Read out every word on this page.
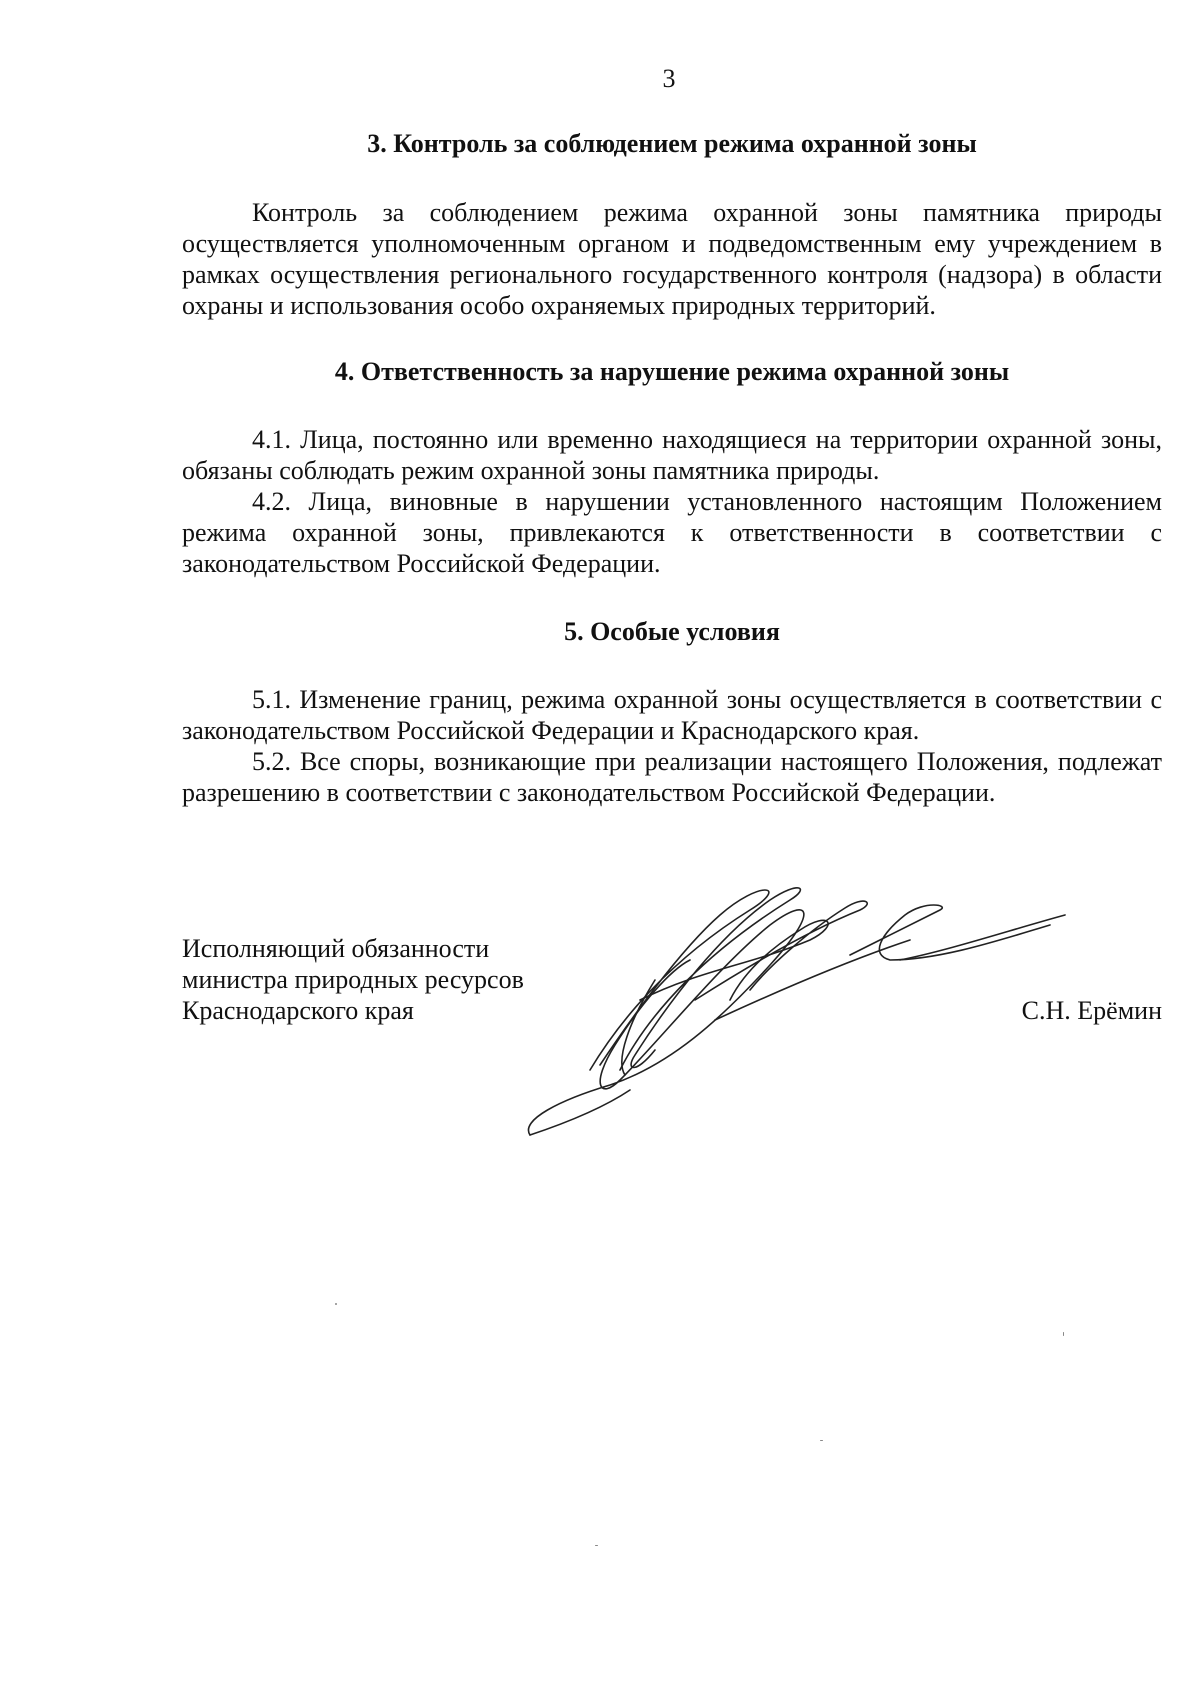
3
3. Контроль за соблюдением режима охранной зоны

Контроль за соблюдением режима охранной зоны памятника природы осуществляется уполномоченным органом и подведомственным ему учреждением в рамках осуществления регионального государственного контроля (надзора) в области охраны и использования особо охраняемых природных территорий.

4. Ответственность за нарушение режима охранной зоны

4.1. Лица, постоянно или временно находящиеся на территории охранной зоны, обязаны соблюдать режим охранной зоны памятника природы.

4.2. Лица, виновные в нарушении установленного настоящим Положением режима охранной зоны, привлекаются к ответственности в соответствии с законодательством Российской Федерации.

5. Особые условия

5.1. Изменение границ, режима охранной зоны осуществляется в соответствии с законодательством Российской Федерации и Краснодарского края.

5.2. Все споры, возникающие при реализации настоящего Положения, подлежат разрешению в соответствии с законодательством Российской Федерации.

Исполняющий обязанности
министра природных ресурсов
Краснодарского края	С.Н. Ерёмин
